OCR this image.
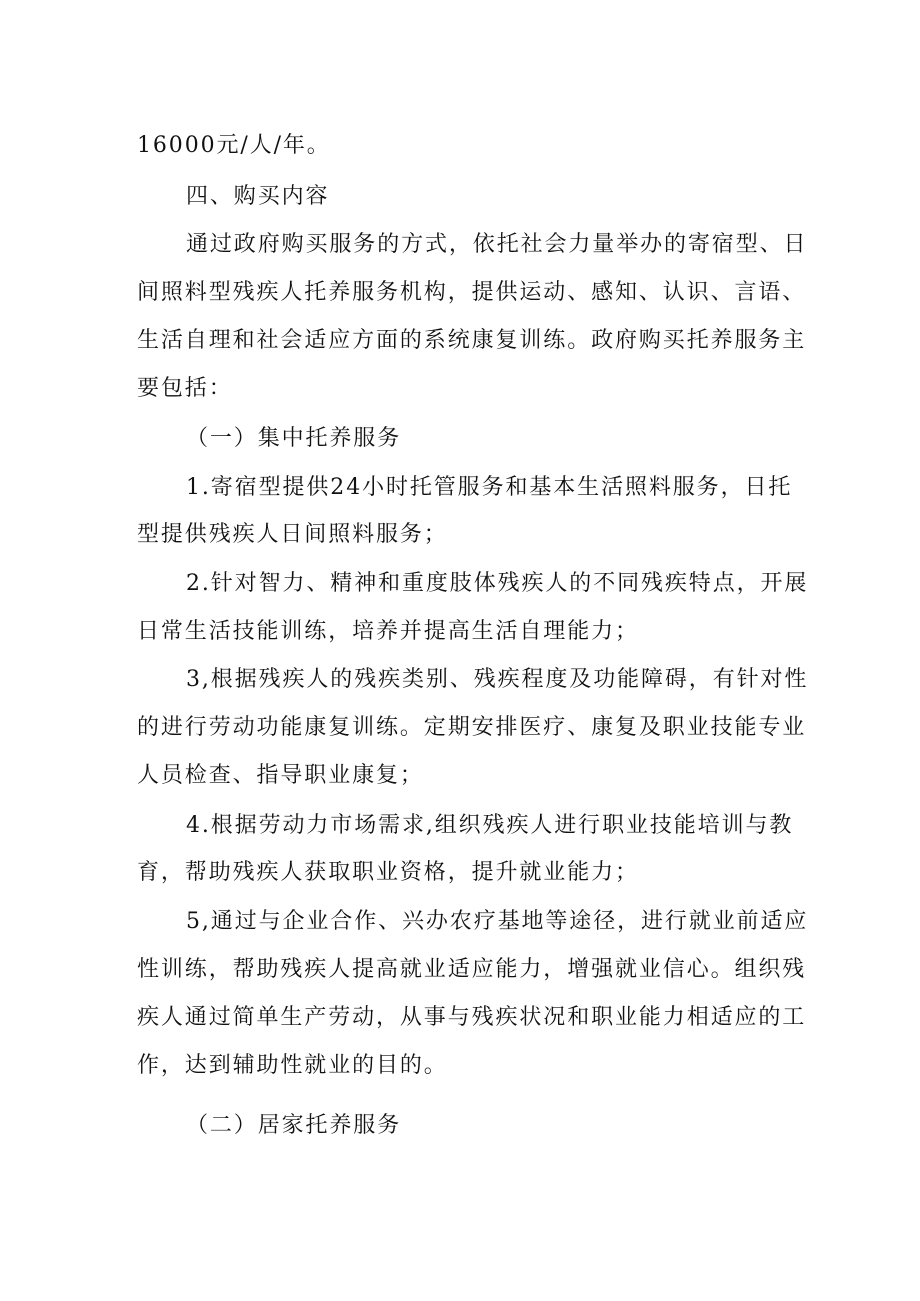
16000元/人/年。
四、购买内容
通过政府购买服务的方式，依托社会力量举办的寄宿型、日
间照料型残疾人托养服务机构，提供运动、感知、认识、言语、
生活自理和社会适应方面的系统康复训练。政府购买托养服务主
要包括：
（一）集中托养服务
1.寄宿型提供24小时托管服务和基本生活照料服务，日托
型提供残疾人日间照料服务；
2.针对智力、精神和重度肢体残疾人的不同残疾特点，开展
日常生活技能训练，培养并提高生活自理能力；
3,根据残疾人的残疾类别、残疾程度及功能障碍，有针对性
的进行劳动功能康复训练。定期安排医疗、康复及职业技能专业
人员检查、指导职业康复；
4.根据劳动力市场需求,组织残疾人进行职业技能培训与教
育，帮助残疾人获取职业资格，提升就业能力；
5,通过与企业合作、兴办农疗基地等途径，进行就业前适应
性训练，帮助残疾人提高就业适应能力，增强就业信心。组织残
疾人通过简单生产劳动，从事与残疾状况和职业能力相适应的工
作，达到辅助性就业的目的。
（二）居家托养服务
